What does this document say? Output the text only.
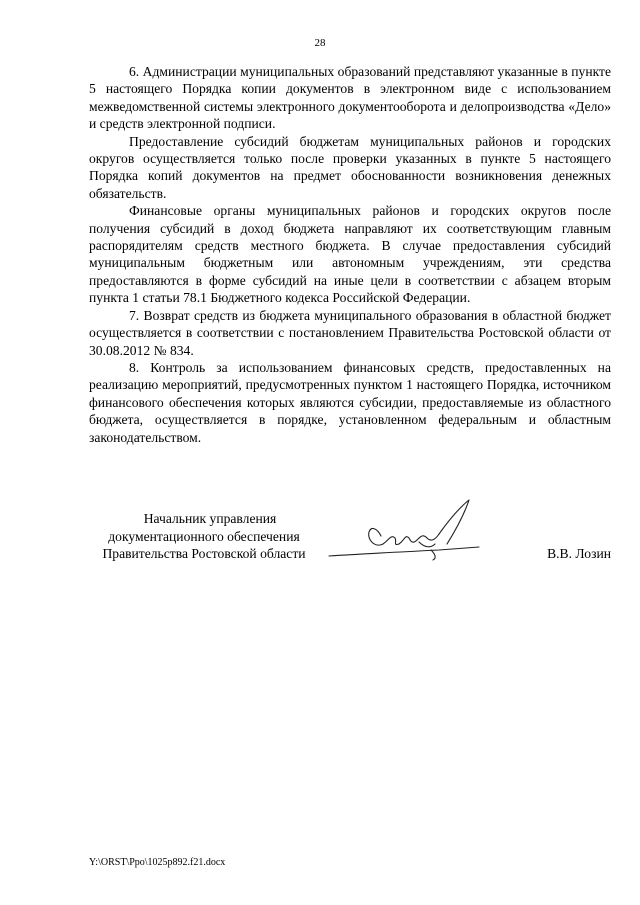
28

6. Администрации муниципальных образований представляют указанные в пункте 5 настоящего Порядка копии документов в электронном виде с использованием межведомственной системы электронного документооборота и делопроизводства «Дело» и средств электронной подписи.

Предоставление субсидий бюджетам муниципальных районов и городских округов осуществляется только после проверки указанных в пункте 5 настоящего Порядка копий документов на предмет обоснованности возникновения денежных обязательств.

Финансовые органы муниципальных районов и городских округов после получения субсидий в доход бюджета направляют их соответствующим главным распорядителям средств местного бюджета. В случае предоставления субсидий муниципальным бюджетным или автономным учреждениям, эти средства предоставляются в форме субсидий на иные цели в соответствии с абзацем вторым пункта 1 статьи 78.1 Бюджетного кодекса Российской Федерации.

7. Возврат средств из бюджета муниципального образования в областной бюджет осуществляется в соответствии с постановлением Правительства Ростовской области от 30.08.2012 № 834.

8. Контроль за использованием финансовых средств, предоставленных на реализацию мероприятий, предусмотренных пунктом 1 настоящего Порядка, источником финансового обеспечения которых являются субсидии, предоставляемые из областного бюджета, осуществляется в порядке, установленном федеральным и областным законодательством.

Начальник управления
документационного обеспечения
Правительства Ростовской области	В.В. Лозин
Y:\ORST\Ppo\1025p892.f21.docx
